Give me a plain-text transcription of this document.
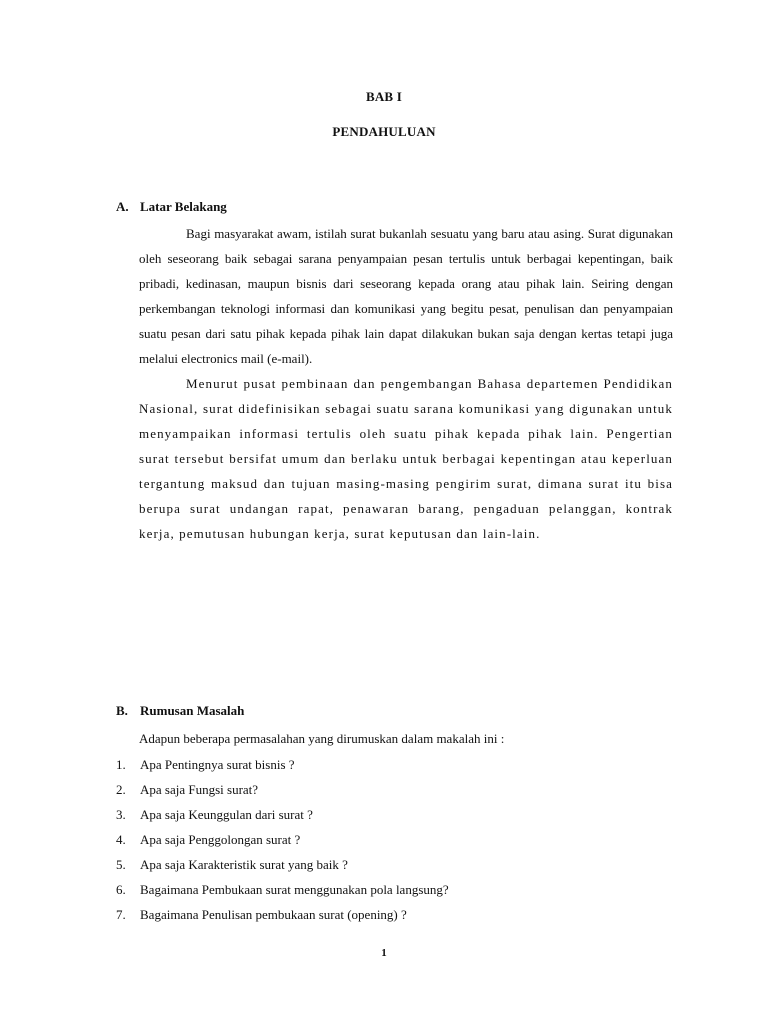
BAB I
PENDAHULUAN
A. Latar Belakang

Bagi masyarakat awam, istilah surat bukanlah sesuatu yang baru atau asing. Surat digunakan oleh seseorang baik sebagai sarana penyampaian pesan tertulis untuk berbagai kepentingan, baik pribadi, kedinasan, maupun bisnis dari seseorang kepada orang atau pihak lain. Seiring dengan perkembangan teknologi informasi dan komunikasi yang begitu pesat, penulisan dan penyampaian suatu pesan dari satu pihak kepada pihak lain dapat dilakukan bukan saja dengan kertas tetapi juga melalui electronics mail (e-mail).

Menurut pusat pembinaan dan pengembangan Bahasa departemen Pendidikan Nasional, surat didefinisikan sebagai suatu sarana komunikasi yang digunakan untuk menyampaikan informasi tertulis oleh suatu pihak kepada pihak lain. Pengertian surat tersebut bersifat umum dan berlaku untuk berbagai kepentingan atau keperluan tergantung maksud dan tujuan masing-masing pengirim surat, dimana surat itu bisa berupa surat undangan rapat, penawaran barang, pengaduan pelanggan, kontrak kerja, pemutusan hubungan kerja, surat keputusan dan lain-lain.

B. Rumusan Masalah

Adapun beberapa permasalahan yang dirumuskan dalam makalah ini :

1. Apa Pentingnya surat bisnis ?
2. Apa saja Fungsi surat?
3. Apa saja Keunggulan dari surat ?
4. Apa saja Penggolongan surat ?
5. Apa saja Karakteristik surat yang baik ?
6. Bagaimana Pembukaan surat menggunakan pola langsung?
7. Bagaimana Penulisan pembukaan surat (opening) ?
1
